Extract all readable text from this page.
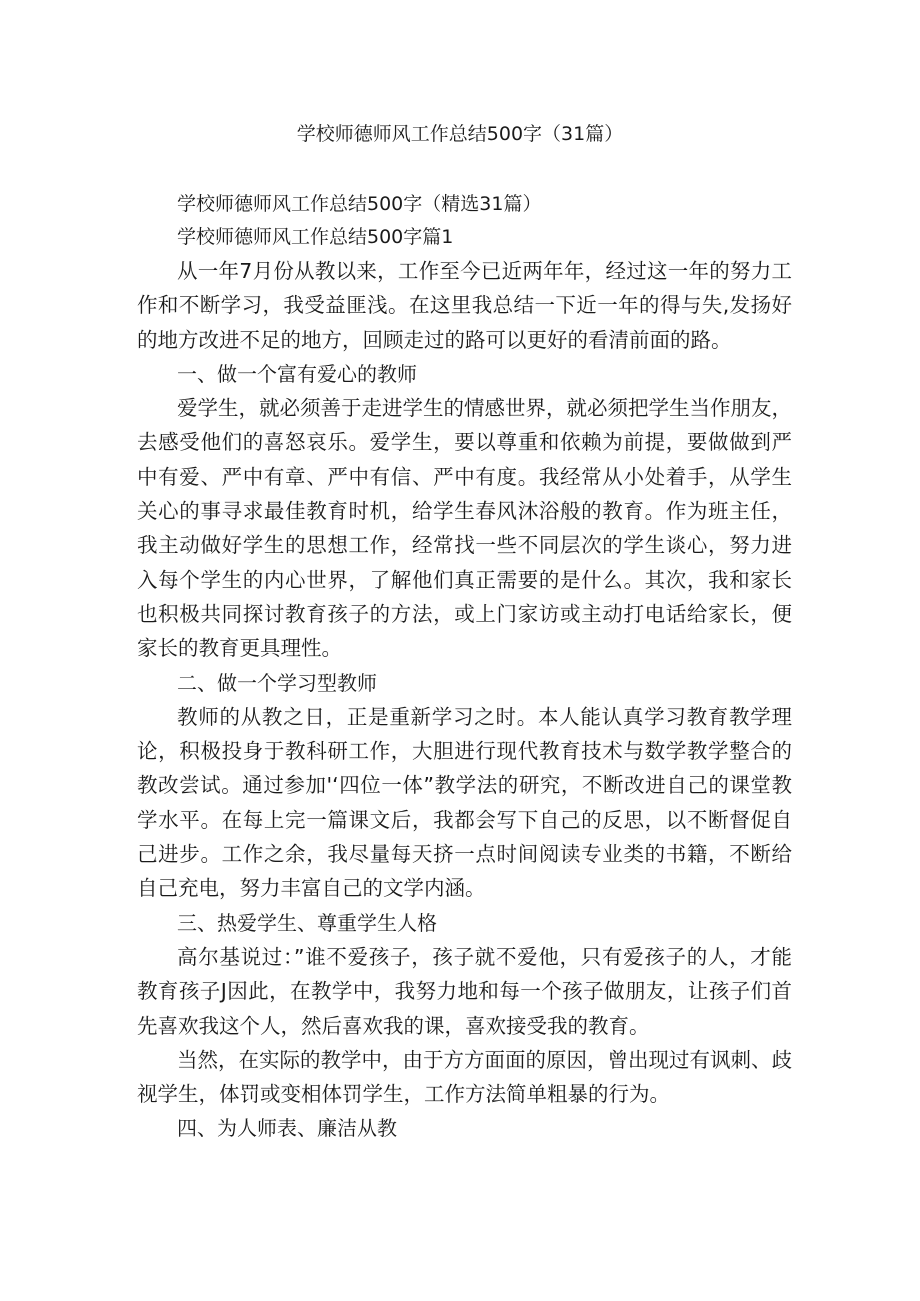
学校师德师风工作总结500字（31篇）

学校师德师风工作总结500字（精选31篇）

学校师德师风工作总结500字篇1

从一年7月份从教以来，工作至今已近两年年，经过这一年的努力工作和不断学习，我受益匪浅。在这里我总结一下近一年的得与失,发扬好的地方改进不足的地方，回顾走过的路可以更好的看清前面的路。

一、做一个富有爱心的教师

爱学生，就必须善于走进学生的情感世界，就必须把学生当作朋友，去感受他们的喜怒哀乐。爱学生，要以尊重和依赖为前提，要做做到严中有爱、严中有章、严中有信、严中有度。我经常从小处着手，从学生关心的事寻求最佳教育时机，给学生春风沐浴般的教育。作为班主任，我主动做好学生的思想工作，经常找一些不同层次的学生谈心，努力进入每个学生的内心世界，了解他们真正需要的是什么。其次，我和家长也积极共同探讨教育孩子的方法，或上门家访或主动打电话给家长，便家长的教育更具理性。

二、做一个学习型教师

教师的从教之日，正是重新学习之时。本人能认真学习教育教学理论，积极投身于教科研工作，大胆进行现代教育技术与数学教学整合的教改尝试。通过参加'‘四位一体”教学法的研究，不断改进自己的课堂教学水平。在每上完一篇课文后，我都会写下自己的反思，以不断督促自己进步。工作之余，我尽量每天挤一点时间阅读专业类的书籍，不断给自己充电，努力丰富自己的文学内涵。

三、热爱学生、尊重学生人格

高尔基说过：”谁不爱孩子，孩子就不爱他，只有爱孩子的人，才能教育孩子J因此，在教学中，我努力地和每一个孩子做朋友，让孩子们首先喜欢我这个人，然后喜欢我的课，喜欢接受我的教育。

当然，在实际的教学中，由于方方面面的原因，曾出现过有讽刺、歧视学生，体罚或变相体罚学生，工作方法简单粗暴的行为。

四、为人师表、廉洁从教
